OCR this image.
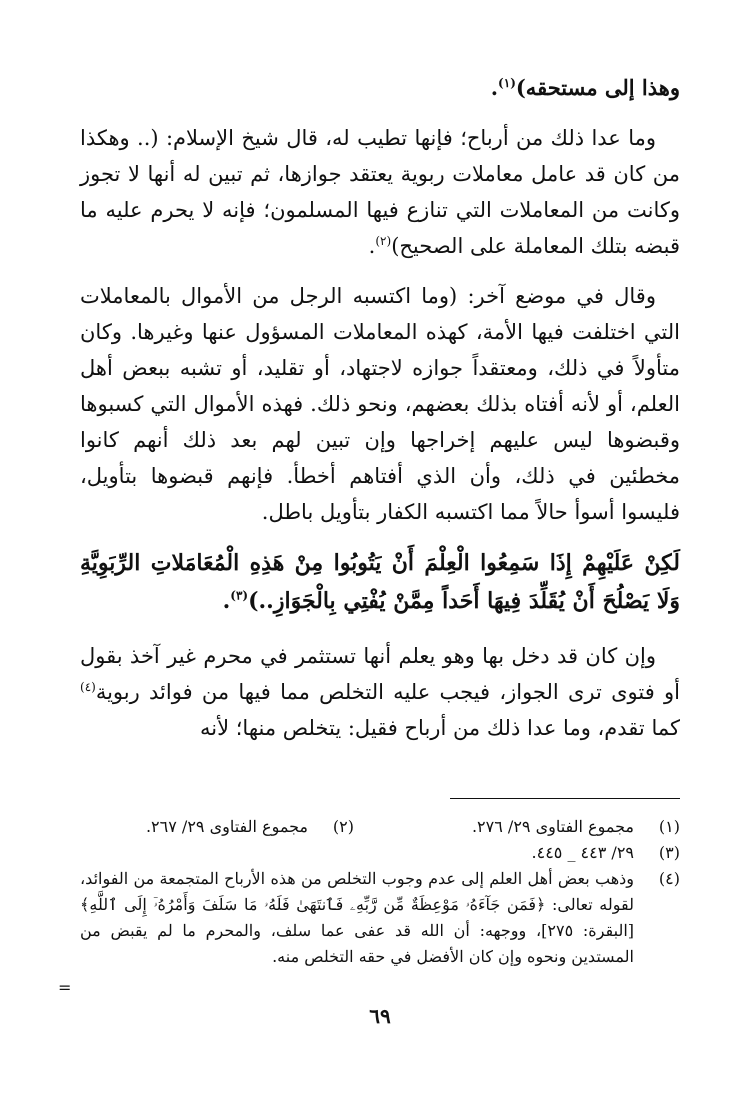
وهذا إلى مستحقه)$^{(١)}$.

وما عدا ذلك من أرباح؛ فإنها تطيب له، قال شيخ الإسلام: (.. وهكذا من كان قد عامل معاملات ربوية يعتقد جوازها، ثم تبين له أنها لا تجوز وكانت من المعاملات التي تنازع فيها المسلمون؛ فإنه لا يحرم عليه ما قبضه بتلك المعاملة على الصحيح)$^{(٢)}$.

وقال في موضع آخر: (وما اكتسبه الرجل من الأموال بالمعاملات التي اختلفت فيها الأمة، كهذه المعاملات المسؤول عنها وغيرها. وكان متأولاً في ذلك، ومعتقداً جوازه لاجتهاد، أو تقليد، أو تشبه ببعض أهل العلم، أو لأنه أفتاه بذلك بعضهم، ونحو ذلك. فهذه الأموال التي كسبوها وقبضوها ليس عليهم إخراجها وإن تبين لهم بعد ذلك أنهم كانوا مخطئين في ذلك، وأن الذي أفتاهم أخطأ. فإنهم قبضوها بتأويل، فليسوا أسوأ حالاً مما اكتسبه الكفار بتأويل باطل.

لَكِنْ عَلَيْهِمْ إِذَا سَمِعُوا الْعِلْمَ أَنْ يَتُوبُوا مِنْ هَذِهِ الْمُعَامَلاتِ الرِّبَوِيَّةِ وَلَا يَصْلُحَ أَنْ يُقَلِّدَ فِيهَا أَحَداً مِمَّنْ يُفْتِي بِالْجَوَازِ..)$^{(٣)}$.

وإن كان قد دخل بها وهو يعلم أنها تستثمر في محرم غير آخذ بقول أو فتوى ترى الجواز، فيجب عليه التخلص مما فيها من فوائد ربوية$^{(٤)}$ كما تقدم، وما عدا ذلك من أرباح فقيل: يتخلص منها؛ لأنه

(١)
مجموع الفتاوى ٢٩/ ٢٧٦.
(٢)
مجموع الفتاوى ٢٩/ ٢٦٧.
(٣)
٢٩/ ٤٤٣ _ ٤٤٥.
(٤)
وذهب بعض أهل العلم إلى عدم وجوب التخلص من هذه الأرباح المتجمعة من الفوائد، لقوله تعالى: ﴿فَمَن جَآءَهُۥ مَوْعِظَةٌ مِّن رَّبِّهِۦ فَٱنتَهَىٰ فَلَهُۥ مَا سَلَفَ وَأَمْرُهُۥٓ إِلَى ٱللَّهِ﴾ [البقرة: ٢٧٥]، ووجهه: أن الله قد عفى عما سلف، والمحرم ما لم يقبض من المستدين ونحوه وإن كان الأفضل في حقه التخلص منه.
=
٦٩
